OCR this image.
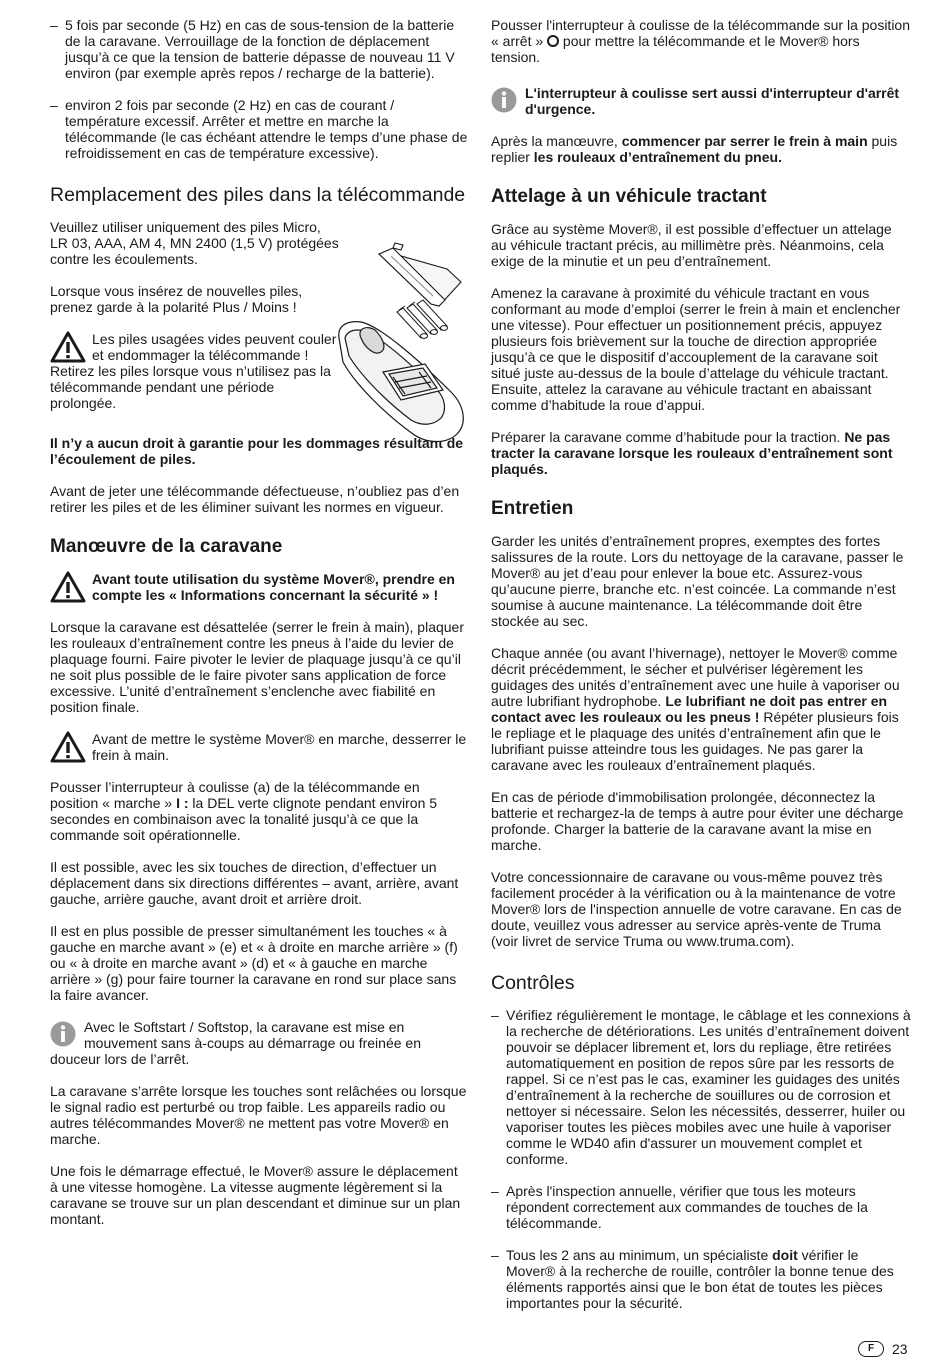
– 5 fois par seconde (5 Hz) en cas de sous-tension de la batterie de la caravane. Verrouillage de la fonction de déplacement jusqu’à ce que la tension de batterie dépasse de nouveau 11 V environ (par exemple après repos / recharge de la batterie).
– environ 2 fois par seconde (2 Hz) en cas de courant / température excessif. Arrêter et mettre en marche la télécommande (le cas échéant attendre le temps d’une phase de refroidissement en cas de température excessive).
Remplacement des piles dans la télécommande

Veuillez utiliser uniquement des piles Micro, LR 03, AAA, AM 4, MN 2400 (1,5 V) protégées contre les écoulements.

Lorsque vous insérez de nouvelles piles, prenez garde à la polarité Plus / Moins !

Les piles usagées vides peuvent couler et endommager la télécommande ! Retirez les piles lorsque vous n’utilisez pas la télécommande pendant une période prolongée.

Il n’y a aucun droit à garantie pour les dommages résultant de l’écoulement de piles.

Avant de jeter une télécommande défectueuse, n’oubliez pas d’en retirer les piles et de les éliminer suivant les normes en vigueur.

Manœuvre de la caravane
Avant toute utilisation du système Mover®, prendre en compte les « Informations concernant la sécurité » !

Lorsque la caravane est désattelée (serrer le frein à main), plaquer les rouleaux d’entraînement contre les pneus à l’aide du levier de plaquage fourni. Faire pivoter le levier de plaquage jusqu’à ce qu’il ne soit plus possible de le faire pivoter sans application de force excessive. L’unité d’entraînement s’enclenche avec fiabilité en position finale.

Avant de mettre le système Mover® en marche, desserrer le frein à main.

Pousser l’interrupteur à coulisse (a) de la télécommande en position « marche » I : la DEL verte clignote pendant environ 5 secondes en combinaison avec la tonalité jusqu’à ce que la commande soit opérationnelle.

Il est possible, avec les six touches de direction, d’effectuer un déplacement dans six directions différentes – avant, arrière, avant gauche, arrière gauche, avant droit et arrière droit.

Il est en plus possible de presser simultanément les touches « à gauche en marche avant » (e) et « à droite en marche arrière » (f) ou « à droite en marche avant » (d) et « à gauche en marche arrière » (g) pour faire tourner la caravane en rond sur place sans la faire avancer.

Avec le Softstart / Softstop, la caravane est mise en mouvement sans à-coups au démarrage ou freinée en douceur lors de l’arrêt.

La caravane s’arrête lorsque les touches sont relâchées ou lorsque le signal radio est perturbé ou trop faible. Les appareils radio ou autres télécommandes Mover® ne mettent pas votre Mover® en marche.

Une fois le démarrage effectué, le Mover® assure le déplacement à une vitesse homogène. La vitesse augmente légèrement si la caravane se trouve sur un plan descendant et diminue sur un plan montant.

Pousser l'interrupteur à coulisse de la télécommande sur la position « arrêt »  pour mettre la télécommande et le Mover® hors tension.

L'interrupteur à coulisse sert aussi d'interrupteur d'arrêt d'urgence.

Après la manœuvre, commencer par serrer le frein à main puis replier les rouleaux d’entraînement du pneu.

Attelage à un véhicule tractant

Grâce au système Mover®, il est possible d’effectuer un attelage au véhicule tractant précis, au millimètre près. Néanmoins, cela exige de la minutie et un peu d’entraînement.

Amenez la caravane à proximité du véhicule tractant en vous conformant au mode d’emploi (serrer le frein à main et enclencher une vitesse). Pour effectuer un positionnement précis, appuyez plusieurs fois brièvement sur la touche de direction appropriée jusqu’à ce que le dispositif d’accouplement de la caravane soit situé juste au-dessus de la boule d’attelage du véhicule tractant. Ensuite, attelez la caravane au véhicule tractant en abaissant comme d’habitude la roue d’appui.

Préparer la caravane comme d’habitude pour la traction. Ne pas tracter la caravane lorsque les rouleaux d’entraînement sont plaqués.

Entretien

Garder les unités d’entraînement propres, exemptes des fortes salissures de la route. Lors du nettoyage de la caravane, passer le Mover® au jet d’eau pour enlever la boue etc. Assurez-vous qu’aucune pierre, branche etc. n’est coincée. La commande n’est soumise à aucune maintenance. La télécommande doit être stockée au sec.

Chaque année (ou avant l’hivernage), nettoyer le Mover® comme décrit précédemment, le sécher et pulvériser légèrement les guidages des unités d’entraînement avec une huile à vaporiser ou autre lubrifiant hydrophobe. Le lubrifiant ne doit pas entrer en contact avec les rouleaux ou les pneus ! Répéter plusieurs fois le repliage et le plaquage des unités d’entraînement afin que le lubrifiant puisse atteindre tous les guidages. Ne pas garer la caravane avec les rouleaux d’entraînement plaqués.

En cas de période d'immobilisation prolongée, déconnectez la batterie et rechargez-la de temps à autre pour éviter une décharge profonde. Charger la batterie de la caravane avant la mise en marche.

Votre concessionnaire de caravane ou vous-même pouvez très facilement procéder à la vérification ou à la maintenance de votre Mover® lors de l'inspection annuelle de votre caravane. En cas de doute, veuillez vous adresser au service après-vente de Truma (voir livret de service Truma ou www.truma.com).

Contrôles
– Vérifiez régulièrement le montage, le câblage et les connexions à la recherche de détériorations. Les unités d’entraînement doivent pouvoir se déplacer librement et, lors du repliage, être retirées automatiquement en position de repos sûre par les ressorts de rappel. Si ce n’est pas le cas, examiner les guidages des unités d’entraînement à la recherche de souillures ou de corrosion et nettoyer si nécessaire. Selon les nécessités, desserrer, huiler ou vaporiser toutes les pièces mobiles avec une huile à vaporiser comme le WD40 afin d'assurer un mouvement complet et conforme.
– Après l'inspection annuelle, vérifier que tous les moteurs répondent correctement aux commandes de touches de la télécommande.
– Tous les 2 ans au minimum, un spécialiste doit vérifier le Mover® à la recherche de rouille, contrôler la bonne tenue des éléments rapportés ainsi que le bon état de toutes les pièces importantes pour la sécurité.
F	23
